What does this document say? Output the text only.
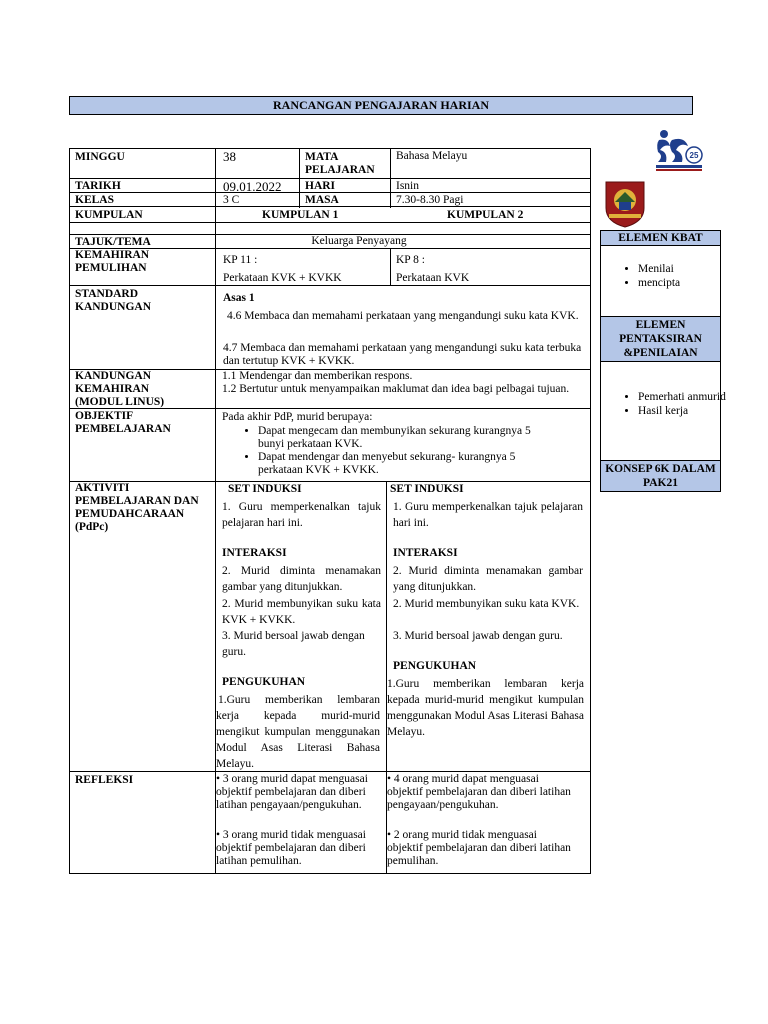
RANCANGAN PENGAJARAN HARIAN
MINGGU
TARIKH
KELAS
KUMPULAN
TAJUK/TEMA
KEMAHIRAN PEMULIHAN
STANDARD KANDUNGAN
KANDUNGAN KEMAHIRAN (MODUL LINUS)
OBJEKTIF PEMBELAJARAN
AKTIVITI PEMBELAJARAN DAN PEMUDAHCARAAN (PdPc)
REFLEKSI
38
09.01.2022
3 C
MATA PELAJARAN
HARI
MASA
Bahasa Melayu
Isnin
7.30-8.30 Pagi
KUMPULAN 1	KUMPULAN 2
Keluarga Penyayang
KP 11 :
Perkataan KVK + KVKK
KP 8 :
Perkataan KVK
Asas 1
4.6 Membaca dan memahami perkataan yang mengandungi suku kata KVK.
4.7 Membaca dan memahami perkataan yang mengandungi suku kata terbuka dan tertutup KVK + KVKK.
1.1 Mendengar dan memberikan respons.
1.2 Bertutur untuk menyampaikan maklumat dan idea bagi pelbagai tujuan.
Pada akhir PdP, murid berupaya:
• Dapat mengecam dan membunyikan sekurang kurangnya 5 bunyi perkataan KVK.
• Dapat mendengar dan menyebut sekurang- kurangnya 5 perkataan KVK + KVKK.
SET INDUKSI
1. Guru memperkenalkan tajuk pelajaran hari ini.
INTERAKSI
2. Murid diminta menamakan gambar yang ditunjukkan.
2. Murid membunyikan suku kata KVK + KVKK.
3. Murid bersoal jawab dengan guru.
PENGUKUHAN
1.Guru memberikan lembaran kerja kepada murid-murid mengikut kumpulan menggunakan Modul Asas Literasi Bahasa Melayu.
SET INDUKSI
1. Guru memperkenalkan tajuk pelajaran hari ini.
INTERAKSI
2. Murid diminta menamakan gambar yang ditunjukkan.
2. Murid membunyikan suku kata KVK.
3. Murid bersoal jawab dengan guru.
PENGUKUHAN
1.Guru memberikan lembaran kerja kepada murid-murid mengikut kumpulan menggunakan Modul Asas Literasi Bahasa Melayu.
• 3 orang murid dapat menguasai objektif pembelajaran dan diberi latihan pengayaan/pengukuhan.
• 3 orang murid tidak menguasai objektif pembelajaran dan diberi latihan pemulihan.
• 4 orang murid dapat menguasai objektif pembelajaran dan diberi latihan pengayaan/pengukuhan.
• 2 orang murid tidak menguasai objektif pembelajaran dan diberi latihan pemulihan.
ELEMEN KBAT
• Menilai
• mencipta
ELEMEN PENTAKSIRAN &PENILAIAN
• Pemerhati anmurid
• Hasil kerja
KONSEP 6K DALAM PAK21
25
